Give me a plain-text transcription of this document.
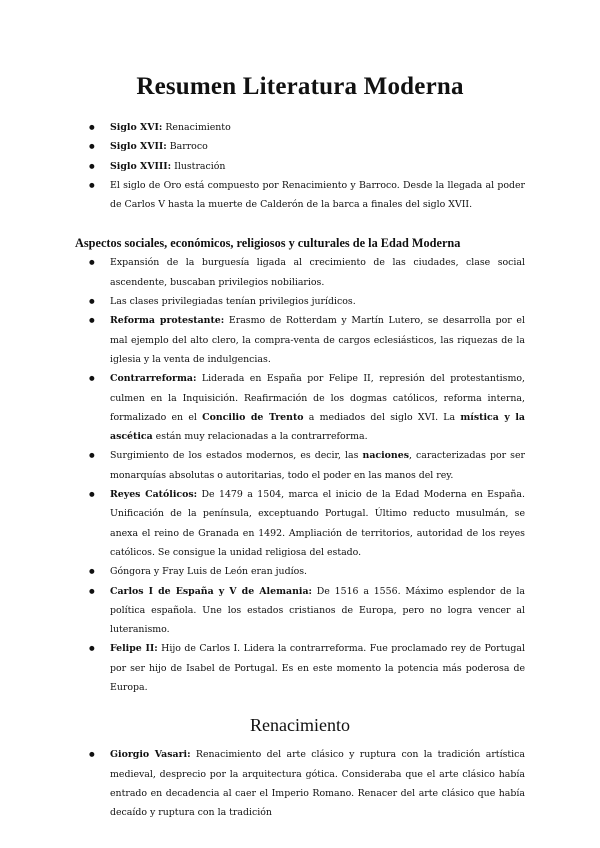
Resumen Literatura Moderna
● Siglo XVI: Renacimiento
● Siglo XVII: Barroco
● Siglo XVIII: Ilustración
● El siglo de Oro está compuesto por Renacimiento y Barroco. Desde la llegada al poder de Carlos V hasta la muerte de Calderón de la barca a finales del siglo XVII.
Aspectos sociales, económicos, religiosos y culturales de la Edad Moderna
● Expansión de la burguesía ligada al crecimiento de las ciudades, clase social ascendente, buscaban privilegios nobiliarios.
● Las clases privilegiadas tenían privilegios jurídicos.
● Reforma protestante: Erasmo de Rotterdam y Martín Lutero, se desarrolla por el mal ejemplo del alto clero, la compra-venta de cargos eclesiásticos, las riquezas de la iglesia y la venta de indulgencias.
● Contrarreforma: Liderada en España por Felipe II, represión del protestantismo, culmen en la Inquisición. Reafirmación de los dogmas católicos, reforma interna, formalizado en el Concilio de Trento a mediados del siglo XVI. La mística y la ascética están muy relacionadas a la contrarreforma.
● Surgimiento de los estados modernos, es decir, las naciones, caracterizadas por ser monarquías absolutas o autoritarias, todo el poder en las manos del rey.
● Reyes Católicos: De 1479 a 1504, marca el inicio de la Edad Moderna en España. Unificación de la península, exceptuando Portugal. Último reducto musulmán, se anexa el reino de Granada en 1492. Ampliación de territorios, autoridad de los reyes católicos. Se consigue la unidad religiosa del estado.
● Góngora y Fray Luis de León eran judíos.
● Carlos I de España y V de Alemania: De 1516 a 1556. Máximo esplendor de la política española. Une los estados cristianos de Europa, pero no logra vencer al luteranismo.
● Felipe II: Hijo de Carlos I. Lidera la contrarreforma. Fue proclamado rey de Portugal por ser hijo de Isabel de Portugal. Es en este momento la potencia más poderosa de Europa.
Renacimiento
● Giorgio Vasari: Renacimiento del arte clásico y ruptura con la tradición artística medieval, desprecio por la arquitectura gótica. Consideraba que el arte clásico había entrado en decadencia al caer el Imperio Romano. Renacer del arte clásico que había decaído y ruptura con la tradición
